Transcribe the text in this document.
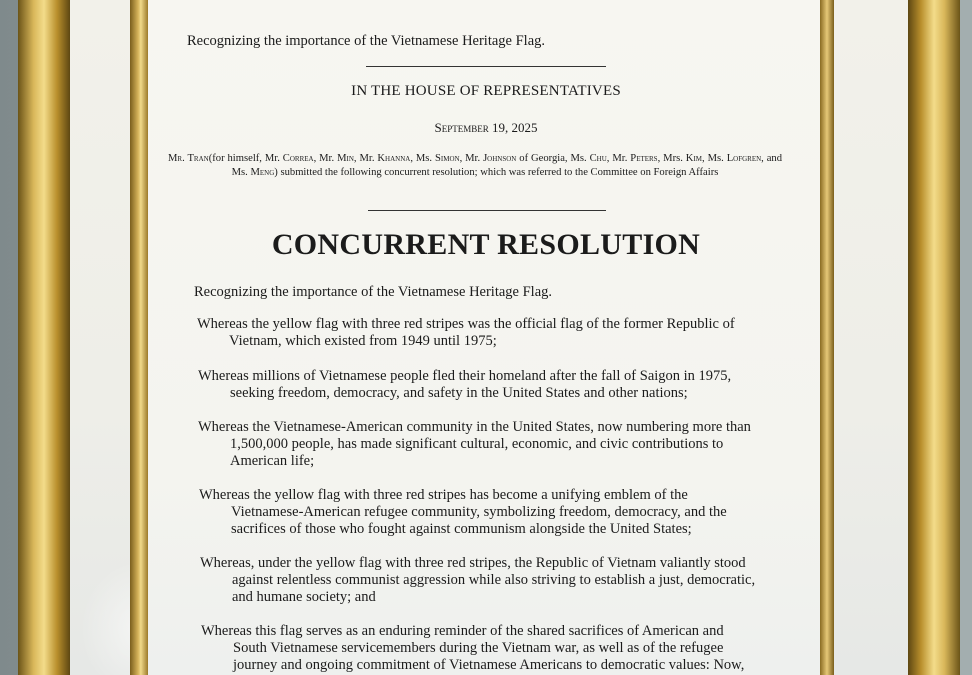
Recognizing the importance of the Vietnamese Heritage Flag.
IN THE HOUSE OF REPRESENTATIVES
September 19, 2025
Mr. Tran(for himself, Mr. Correa, Mr. Min, Mr. Khanna, Ms. Simon, Mr. Johnson of Georgia, Ms. Chu, Mr. Peters, Mrs. Kim, Ms. Lofgren, and Ms. Meng) submitted the following concurrent resolution; which was referred to the Committee on Foreign Affairs
CONCURRENT RESOLUTION
Recognizing the importance of the Vietnamese Heritage Flag.
Whereas the yellow flag with three red stripes was the official flag of the former Republic of
Vietnam, which existed from 1949 until 1975;
Whereas millions of Vietnamese people fled their homeland after the fall of Saigon in 1975,
seeking freedom, democracy, and safety in the United States and other nations;
Whereas the Vietnamese-American community in the United States, now numbering more than
1,500,000 people, has made significant cultural, economic, and civic contributions to
American life;
Whereas the yellow flag with three red stripes has become a unifying emblem of the
Vietnamese-American refugee community, symbolizing freedom, democracy, and the
sacrifices of those who fought against communism alongside the United States;
Whereas, under the yellow flag with three red stripes, the Republic of Vietnam valiantly stood
against relentless communist aggression while also striving to establish a just, democratic,
and humane society; and
Whereas this flag serves as an enduring reminder of the shared sacrifices of American and
South Vietnamese servicemembers during the Vietnam war, as well as of the refugee
journey and ongoing commitment of Vietnamese Americans to democratic values: Now,
